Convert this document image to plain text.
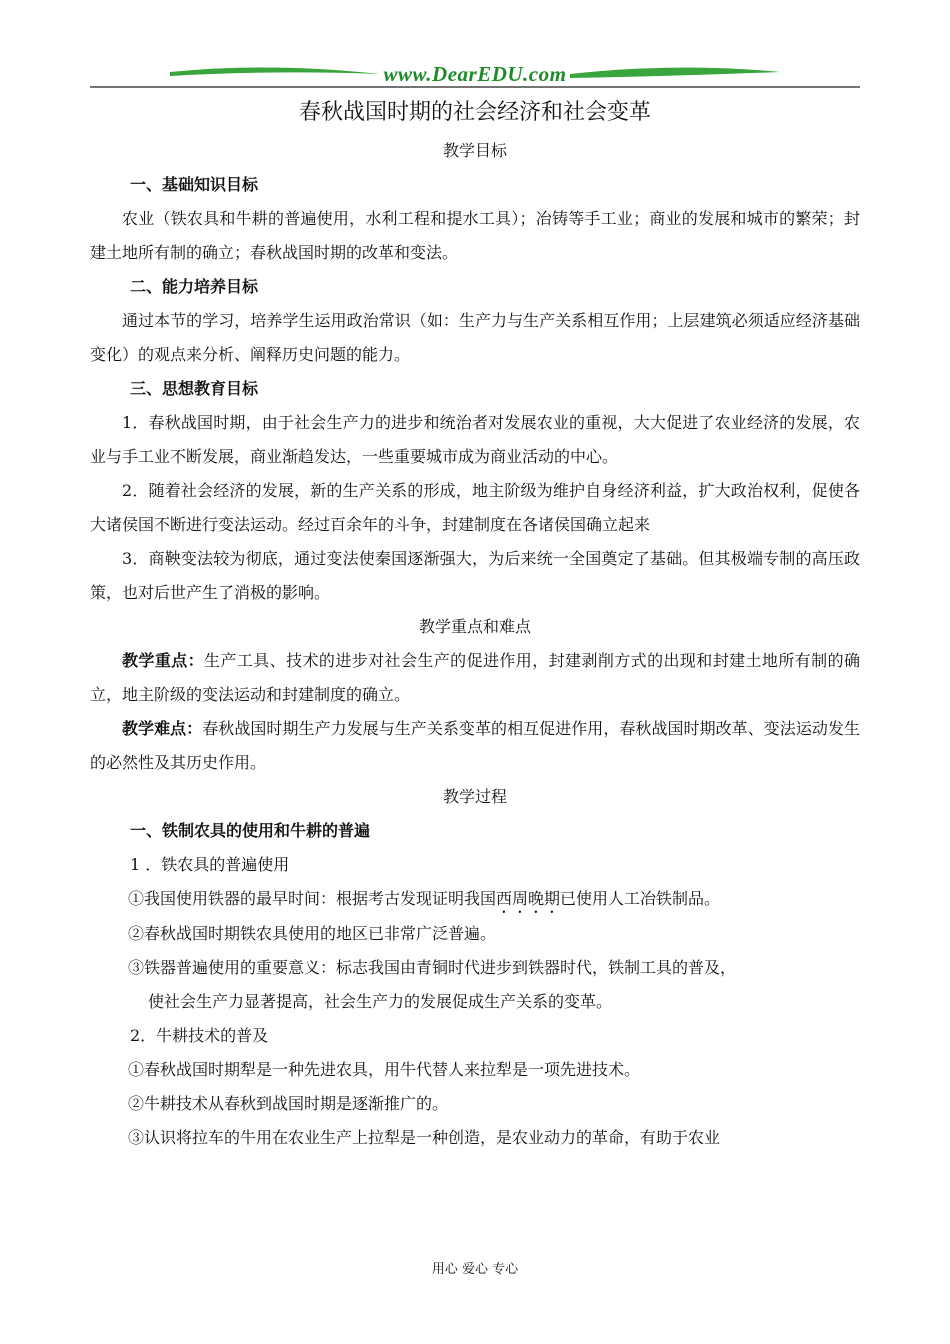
www.DearEDU.com
春秋战国时期的社会经济和社会变革
教学目标
一、基础知识目标
农业（铁农具和牛耕的普遍使用，水利工程和提水工具）；冶铸等手工业；商业的发展和城市的繁荣；封建土地所有制的确立；春秋战国时期的改革和变法。
二、能力培养目标
通过本节的学习，培养学生运用政治常识（如：生产力与生产关系相互作用；上层建筑必须适应经济基础变化）的观点来分析、阐释历史问题的能力。
三、思想教育目标
1．春秋战国时期，由于社会生产力的进步和统治者对发展农业的重视，大大促进了农业经济的发展，农业与手工业不断发展，商业渐趋发达，一些重要城市成为商业活动的中心。
2．随着社会经济的发展，新的生产关系的形成，地主阶级为维护自身经济利益，扩大政治权利，促使各大诸侯国不断进行变法运动。经过百余年的斗争，封建制度在各诸侯国确立起来
3．商鞅变法较为彻底，通过变法使秦国逐渐强大，为后来统一全国奠定了基础。但其极端专制的高压政策，也对后世产生了消极的影响。
教学重点和难点
教学重点：生产工具、技术的进步对社会生产的促进作用，封建剥削方式的出现和封建土地所有制的确立，地主阶级的变法运动和封建制度的确立。
教学难点：春秋战国时期生产力发展与生产关系变革的相互促进作用，春秋战国时期改革、变法运动发生的必然性及其历史作用。
教学过程
一、铁制农具的使用和牛耕的普遍
1 ．铁农具的普遍使用
①我国使用铁器的最早时间：根据考古发现证明我国西周晚期已使用人工冶铁制品。
②春秋战国时期铁农具使用的地区已非常广泛普遍。
③铁器普遍使用的重要意义：标志我国由青铜时代进步到铁器时代，铁制工具的普及，
使社会生产力显著提高，社会生产力的发展促成生产关系的变革。
2．牛耕技术的普及
①春秋战国时期犁是一种先进农具，用牛代替人来拉犁是一项先进技术。
②牛耕技术从春秋到战国时期是逐渐推广的。
③认识将拉车的牛用在农业生产上拉犁是一种创造，是农业动力的革命，有助于农业
用心 爱心 专心
